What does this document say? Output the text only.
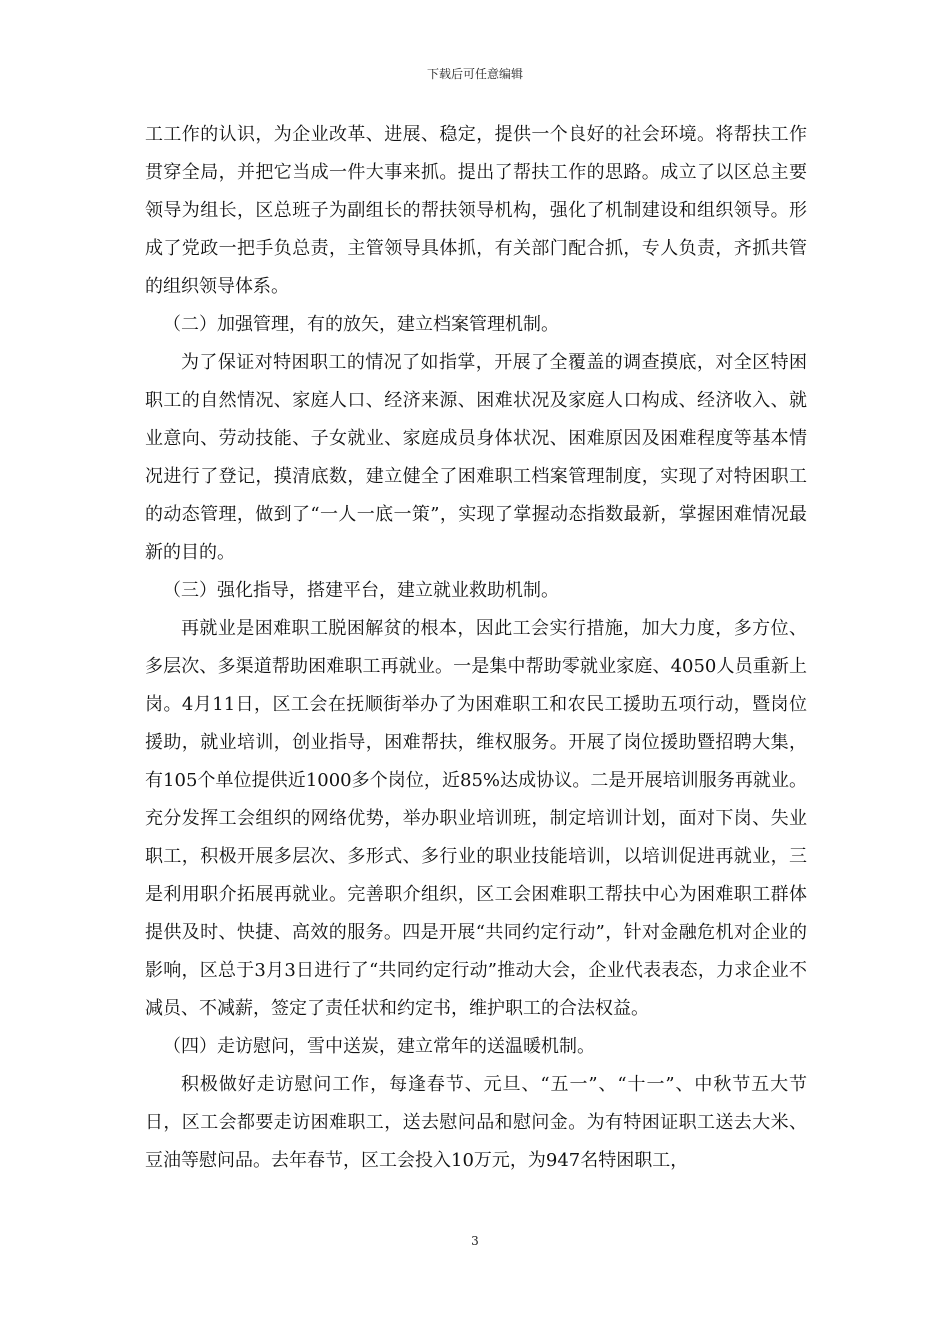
下载后可任意编辑

工工作的认识，为企业改革、进展、稳定，提供一个良好的社会环境。将帮扶工作贯穿全局，并把它当成一件大事来抓。提出了帮扶工作的思路。成立了以区总主要领导为组长，区总班子为副组长的帮扶领导机构，强化了机制建设和组织领导。形成了党政一把手负总责，主管领导具体抓，有关部门配合抓，专人负责，齐抓共管的组织领导体系。

（二）加强管理，有的放矢，建立档案管理机制。

为了保证对特困职工的情况了如指掌，开展了全覆盖的调查摸底，对全区特困职工的自然情况、家庭人口、经济来源、困难状况及家庭人口构成、经济收入、就业意向、劳动技能、子女就业、家庭成员身体状况、困难原因及困难程度等基本情况进行了登记，摸清底数，建立健全了困难职工档案管理制度，实现了对特困职工的动态管理，做到了“一人一底一策”，实现了掌握动态指数最新，掌握困难情况最新的目的。

（三）强化指导，搭建平台，建立就业救助机制。

再就业是困难职工脱困解贫的根本，因此工会实行措施，加大力度，多方位、多层次、多渠道帮助困难职工再就业。一是集中帮助零就业家庭、4050人员重新上岗。4月11日，区工会在抚顺街举办了为困难职工和农民工援助五项行动，暨岗位援助，就业培训，创业指导，困难帮扶，维权服务。开展了岗位援助暨招聘大集，有105个单位提供近1000多个岗位，近85%达成协议。二是开展培训服务再就业。充分发挥工会组织的网络优势，举办职业培训班，制定培训计划，面对下岗、失业职工，积极开展多层次、多形式、多行业的职业技能培训，以培训促进再就业，三是利用职介拓展再就业。完善职介组织，区工会困难职工帮扶中心为困难职工群体提供及时、快捷、高效的服务。四是开展“共同约定行动”，针对金融危机对企业的影响，区总于3月3日进行了“共同约定行动”推动大会，企业代表表态，力求企业不减员、不减薪，签定了责任状和约定书，维护职工的合法权益。

（四）走访慰问，雪中送炭，建立常年的送温暖机制。

积极做好走访慰问工作，每逢春节、元旦、“五一”、“十一”、中秋节五大节日，区工会都要走访困难职工，送去慰问品和慰问金。为有特困证职工送去大米、豆油等慰问品。去年春节，区工会投入10万元，为947名特困职工，

3
